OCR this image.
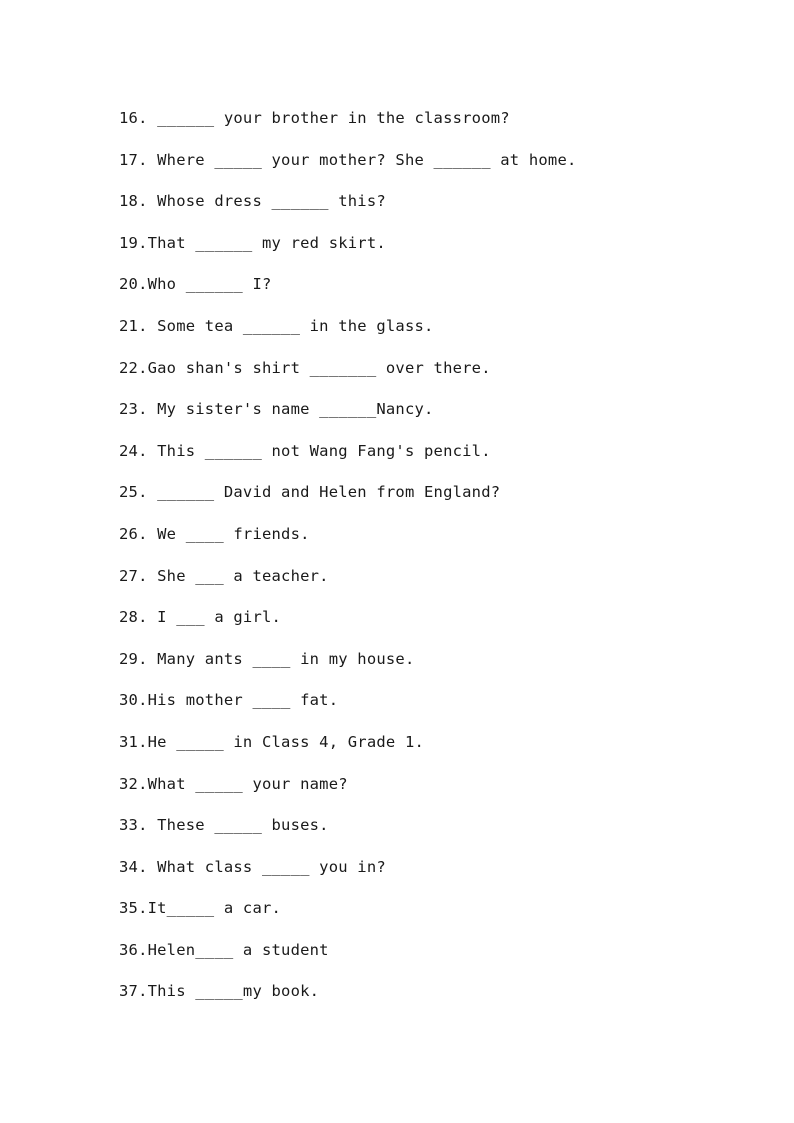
16. ______ your brother in the classroom?
17. Where _____ your mother? She ______ at home.
18. Whose dress ______ this?
19.That ______ my red skirt.
20.Who ______ I?
21. Some tea ______ in the glass.
22.Gao shan's shirt _______ over there.
23. My sister's name ______Nancy.
24. This ______ not Wang Fang's pencil.
25. ______ David and Helen from England?
26. We ____ friends.
27. She ___ a teacher.
28. I ___ a girl.
29. Many ants ____ in my house.
30.His mother ____ fat.
31.He _____ in Class 4, Grade 1.
32.What _____ your name?
33. These _____ buses.
34. What class _____ you in?
35.It_____ a car.
36.Helen____ a student
37.This _____my book.
